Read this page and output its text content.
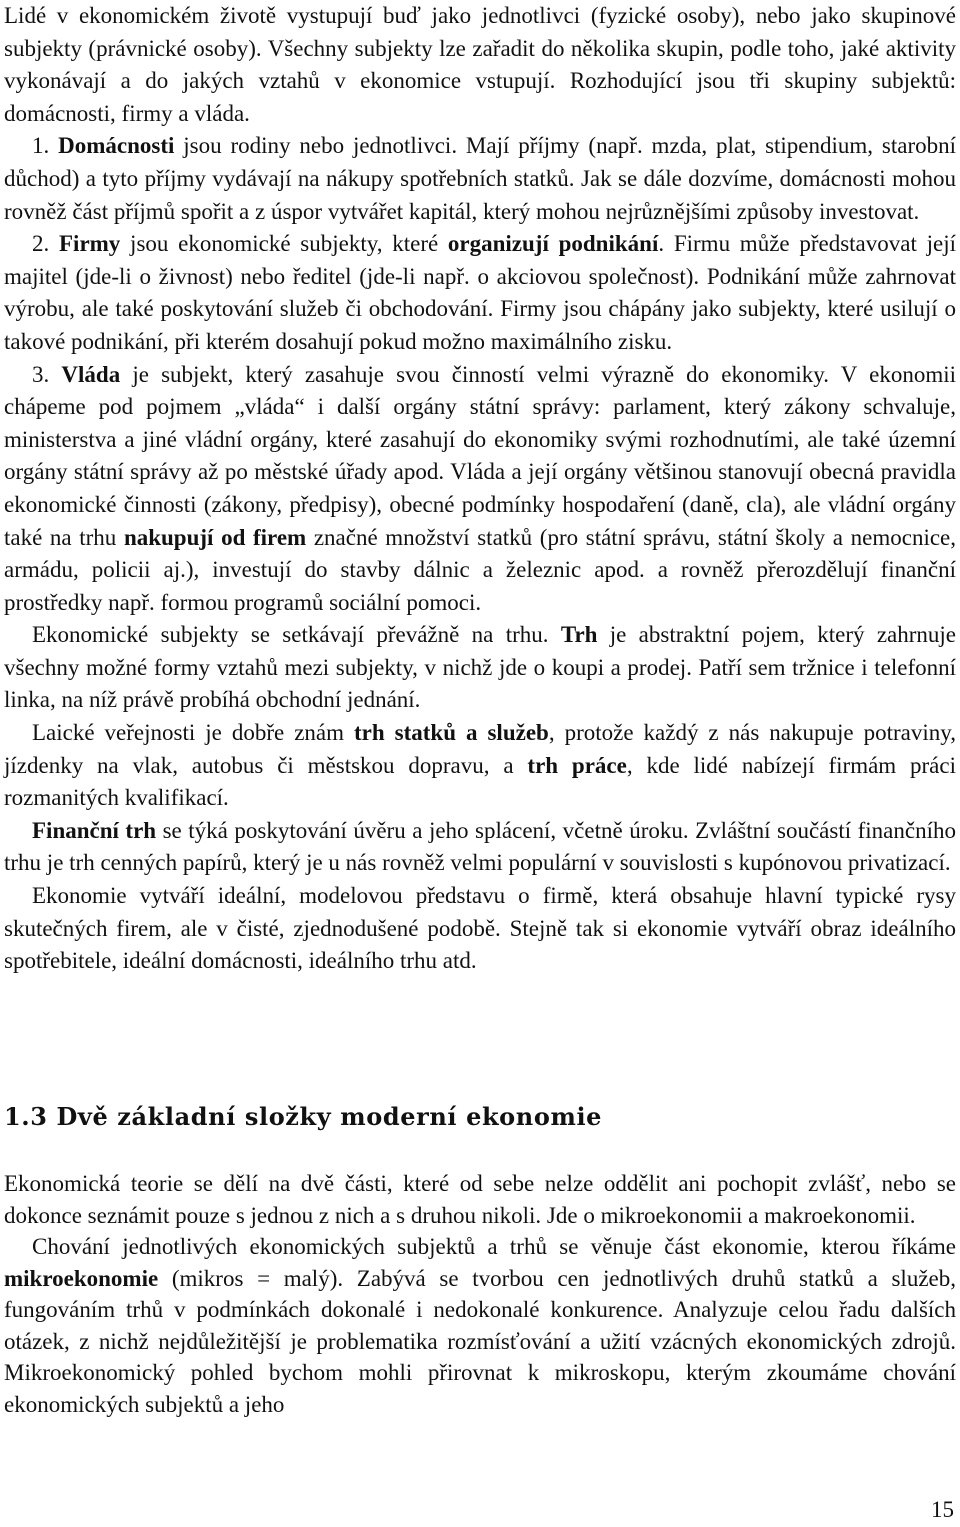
Lidé v ekonomickém životě vystupují buď jako jednotlivci (fyzické osoby), nebo jako skupinové subjekty (právnické osoby). Všechny subjekty lze zařadit do několika skupin, podle toho, jaké aktivity vykonávají a do jakých vztahů v ekonomice vstupují. Rozhodující jsou tři skupiny subjektů: domácnosti, firmy a vláda.

1. Domácnosti jsou rodiny nebo jednotlivci. Mají příjmy (např. mzda, plat, stipendium, starobní důchod) a tyto příjmy vydávají na nákupy spotřebních statků. Jak se dále dozvíme, domácnosti mohou rovněž část příjmů spořit a z úspor vytvářet kapitál, který mohou nejrůznějšími způsoby investovat.

2. Firmy jsou ekonomické subjekty, které organizují podnikání. Firmu může představovat její majitel (jde-li o živnost) nebo ředitel (jde-li např. o akciovou společnost). Podnikání může zahrnovat výrobu, ale také poskytování služeb či obchodování. Firmy jsou chápány jako subjekty, které usilují o takové podnikání, při kterém dosahují pokud možno maximálního zisku.

3. Vláda je subjekt, který zasahuje svou činností velmi výrazně do ekonomiky. V ekonomii chápeme pod pojmem „vláda“ i další orgány státní správy: parlament, který zákony schvaluje, ministerstva a jiné vládní orgány, které zasahují do ekonomiky svými rozhodnutími, ale také územní orgány státní správy až po městské úřady apod. Vláda a její orgány většinou stanovují obecná pravidla ekonomické činnosti (zákony, předpisy), obecné podmínky hospodaření (daně, cla), ale vládní orgány také na trhu nakupují od firem značné množství statků (pro státní správu, státní školy a nemocnice, armádu, policii aj.), investují do stavby dálnic a železnic apod. a rovněž přerozdělují finanční prostředky např. formou programů sociální pomoci.

Ekonomické subjekty se setkávají převážně na trhu. Trh je abstraktní pojem, který zahrnuje všechny možné formy vztahů mezi subjekty, v nichž jde o koupi a prodej. Patří sem tržnice i telefonní linka, na níž právě probíhá obchodní jednání.

Laické veřejnosti je dobře znám trh statků a služeb, protože každý z nás nakupuje potraviny, jízdenky na vlak, autobus či městskou dopravu, a trh práce, kde lidé nabízejí firmám práci rozmanitých kvalifikací.

Finanční trh se týká poskytování úvěru a jeho splácení, včetně úroku. Zvláštní součástí finančního trhu je trh cenných papírů, který je u nás rovněž velmi populární v souvislosti s kupónovou privatizací.

Ekonomie vytváří ideální, modelovou představu o firmě, která obsahuje hlavní typické rysy skutečných firem, ale v čisté, zjednodušené podobě. Stejně tak si ekonomie vytváří obraz ideálního spotřebitele, ideální domácnosti, ideálního trhu atd.

1.3 Dvě základní složky moderní ekonomie

Ekonomická teorie se dělí na dvě části, které od sebe nelze oddělit ani pochopit zvlášť, nebo se dokonce seznámit pouze s jednou z nich a s druhou nikoli. Jde o mikroekonomii a makroekonomii.

Chování jednotlivých ekonomických subjektů a trhů se věnuje část ekonomie, kterou říkáme mikroekonomie (mikros = malý). Zabývá se tvorbou cen jednotlivých druhů statků a služeb, fungováním trhů v podmínkách dokonalé i nedokonalé konkurence. Analyzuje celou řadu dalších otázek, z nichž nejdůležitější je problematika rozmísťování a užití vzácných ekonomických zdrojů. Mikroekonomický pohled bychom mohli přirovnat k mikroskopu, kterým zkoumáme chování ekonomických subjektů a jeho

15
